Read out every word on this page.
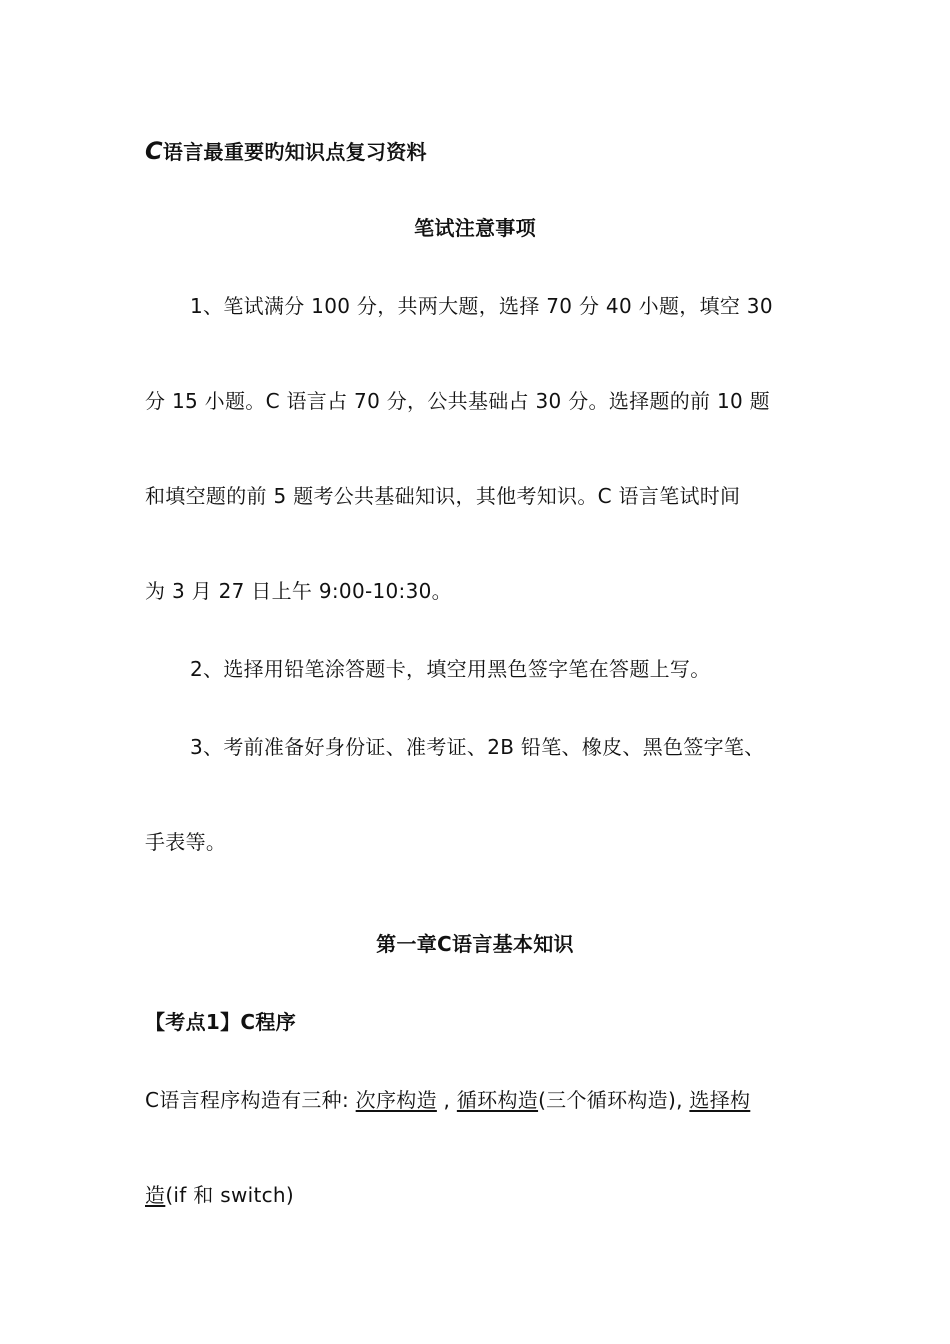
C语言最重要旳知识点复习资料

笔试注意事项

1、笔试满分 100 分，共两大题，选择 70 分 40 小题，填空 30

分 15 小题。C 语言占 70 分，公共基础占 30 分。选择题的前 10 题

和填空题的前 5 题考公共基础知识，其他考知识。C 语言笔试时间

为 3 月 27 日上午 9:00-10:30。

2、选择用铅笔涂答题卡，填空用黑色签字笔在答题上写。

3、考前准备好身份证、准考证、2B 铅笔、橡皮、黑色签字笔、

手表等。

第一章C语言基本知识

【考点1】C程序

C语言程序构造有三种: 次序构造 , 循环构造(三个循环构造), 选择构

造(if 和 switch)
